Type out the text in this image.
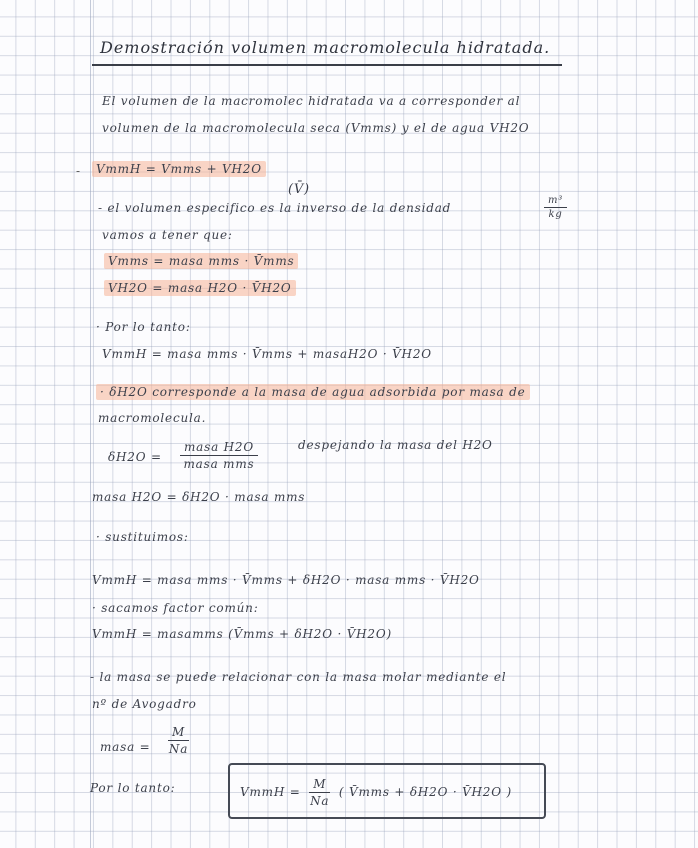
Demostración volumen macromolecula hidratada.
El volumen de la macromolec hidratada va a corresponder al
volumen de la macromolecula seca (Vmms) y el de agua VH2O
-	VmmH = Vmms + VH2O
(V̄)
- el volumen especifico es la inverso de la densidad	$\frac{\text{m³}}{kg}$
vamos a tener que:
Vmms = masa mms · V̄mms
VH2O = masa H2O · V̄H2O
· Por lo tanto:
VmmH = masa mms · V̄mms + masaH2O · V̄H2O
· δH2O corresponde a la masa de agua adsorbida por masa de
macromolecula.
δH2O =
masa H2O
masa mms
despejando la masa del H2O
masa H2O = δH2O · masa mms
· sustituimos:
VmmH = masa mms · V̄mms + δH2O · masa mms · V̄H2O
· sacamos factor común:
VmmH = masamms (V̄mms + δH2O · V̄H2O)
- la masa se puede relacionar con la masa molar mediante el
nº de Avogadro
masa = $\frac{M}{Na}$
Por lo tanto:	VmmH = $\frac{M}{Na}$ ( V̄mms + δH2O · V̄H2O )
